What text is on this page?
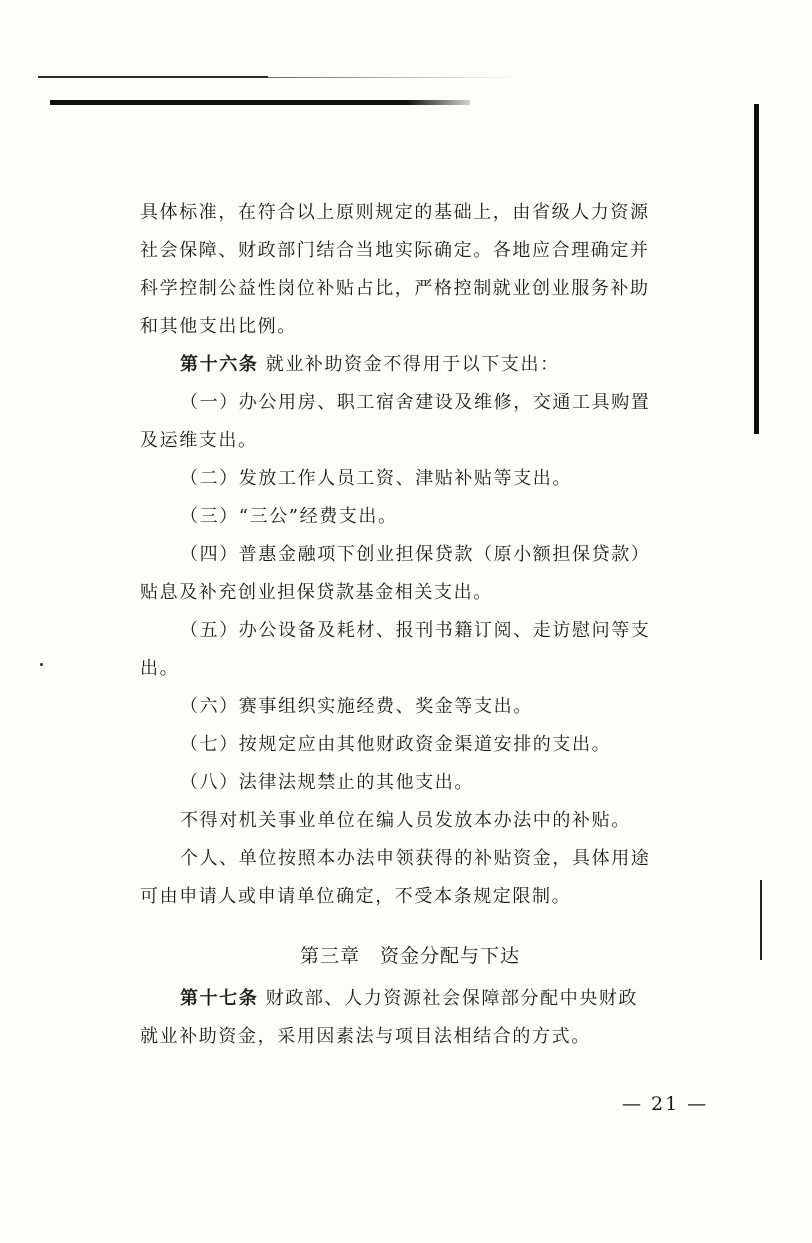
具体标准，在符合以上原则规定的基础上，由省级人力资源
社会保障、财政部门结合当地实际确定。各地应合理确定并
科学控制公益性岗位补贴占比，严格控制就业创业服务补助
和其他支出比例。
第十六条 就业补助资金不得用于以下支出：
（一）办公用房、职工宿舍建设及维修，交通工具购置
及运维支出。
（二）发放工作人员工资、津贴补贴等支出。
（三）“三公”经费支出。
（四）普惠金融项下创业担保贷款（原小额担保贷款）
贴息及补充创业担保贷款基金相关支出。
（五）办公设备及耗材、报刊书籍订阅、走访慰问等支
出。
（六）赛事组织实施经费、奖金等支出。
（七）按规定应由其他财政资金渠道安排的支出。
（八）法律法规禁止的其他支出。
不得对机关事业单位在编人员发放本办法中的补贴。
个人、单位按照本办法申领获得的补贴资金，具体用途
可由申请人或申请单位确定，不受本条规定限制。
第三章 资金分配与下达
第十七条 财政部、人力资源社会保障部分配中央财政
就业补助资金，采用因素法与项目法相结合的方式。
— 21 —
